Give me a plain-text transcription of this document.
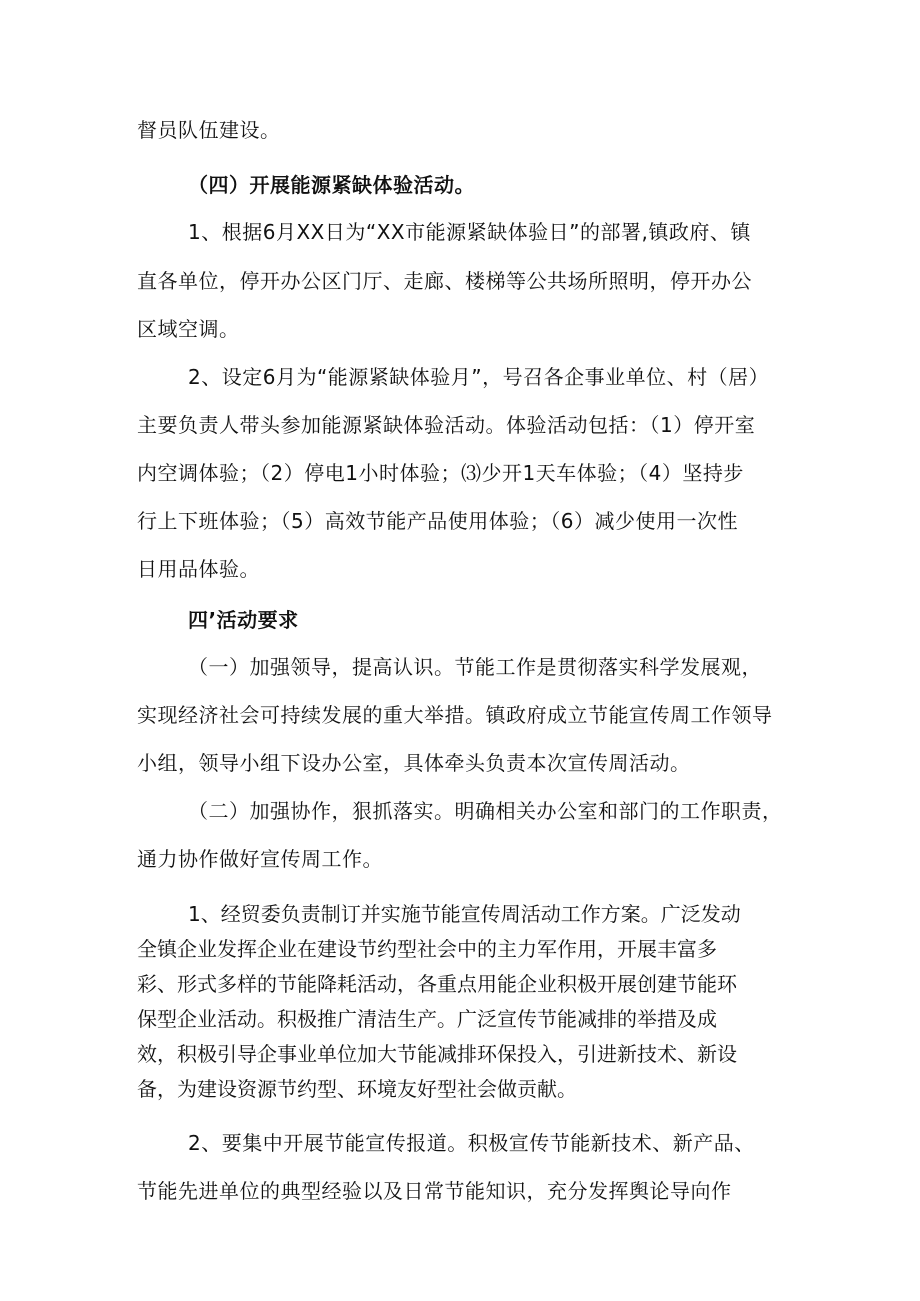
督员队伍建设。
（四）开展能源紧缺体验活动。
1、根据6月XX日为“XX市能源紧缺体验日”的部署,镇政府、镇
直各单位，停开办公区门厅、走廊、楼梯等公共场所照明，停开办公
区域空调。
2、设定6月为“能源紧缺体验月”，号召各企事业单位、村（居）
主要负责人带头参加能源紧缺体验活动。体验活动包括：（1）停开室
内空调体验；（2）停电1小时体验；⑶少开1天车体验；（4）坚持步
行上下班体验；（5）高效节能产品使用体验；（6）减少使用一次性
日用品体验。
四’活动要求
（一）加强领导，提高认识。节能工作是贯彻落实科学发展观，
实现经济社会可持续发展的重大举措。镇政府成立节能宣传周工作领导
小组，领导小组下设办公室，具体牵头负责本次宣传周活动。
（二）加强协作，狠抓落实。明确相关办公室和部门的工作职责，
通力协作做好宣传周工作。
1、经贸委负责制订并实施节能宣传周活动工作方案。广泛发动
全镇企业发挥企业在建设节约型社会中的主力军作用，开展丰富多
彩、形式多样的节能降耗活动，各重点用能企业积极开展创建节能环
保型企业活动。积极推广清洁生产。广泛宣传节能减排的举措及成
效，积极引导企事业单位加大节能减排环保投入，引进新技术、新设
备，为建设资源节约型、环境友好型社会做贡献。
2、要集中开展节能宣传报道。积极宣传节能新技术、新产品、
节能先进单位的典型经验以及日常节能知识，充分发挥舆论导向作
